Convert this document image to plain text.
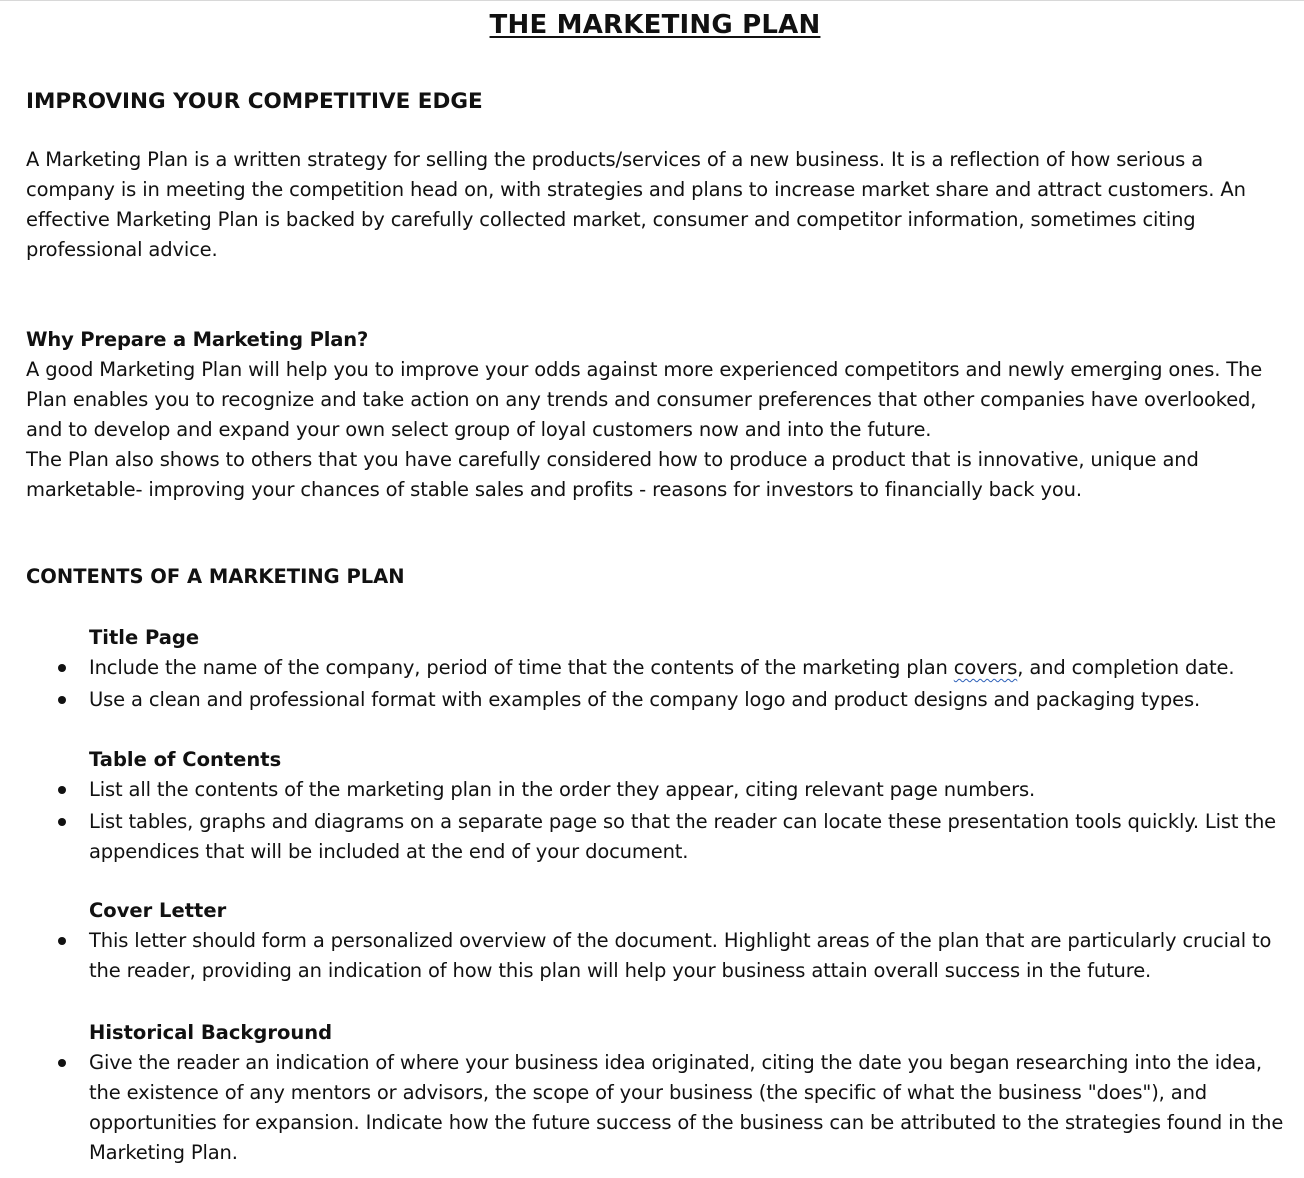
THE MARKETING PLAN
IMPROVING YOUR COMPETITIVE EDGE

A Marketing Plan is a written strategy for selling the products/services of a new business. It is a reflection of how serious a company is in meeting the competition head on, with strategies and plans to increase market share and attract customers. An effective Marketing Plan is backed by carefully collected market, consumer and competitor information, sometimes citing professional advice.

Why Prepare a Marketing Plan?
A good Marketing Plan will help you to improve your odds against more experienced competitors and newly emerging ones. The Plan enables you to recognize and take action on any trends and consumer preferences that other companies have overlooked, and to develop and expand your own select group of loyal customers now and into the future.
The Plan also shows to others that you have carefully considered how to produce a product that is innovative, unique and marketable- improving your chances of stable sales and profits - reasons for investors to financially back you.
CONTENTS OF A MARKETING PLAN

Title Page

Include the name of the company, period of time that the contents of the marketing plan covers, and completion date.
Use a clean and professional format with examples of the company logo and product designs and packaging types.

Table of Contents

List all the contents of the marketing plan in the order they appear, citing relevant page numbers.
List tables, graphs and diagrams on a separate page so that the reader can locate these presentation tools quickly. List the appendices that will be included at the end of your document.

Cover Letter

This letter should form a personalized overview of the document. Highlight areas of the plan that are particularly crucial to the reader, providing an indication of how this plan will help your business attain overall success in the future.

Historical Background

Give the reader an indication of where your business idea originated, citing the date you began researching into the idea, the existence of any mentors or advisors, the scope of your business (the specific of what the business "does"), and opportunities for expansion. Indicate how the future success of the business can be attributed to the strategies found in the Marketing Plan.
